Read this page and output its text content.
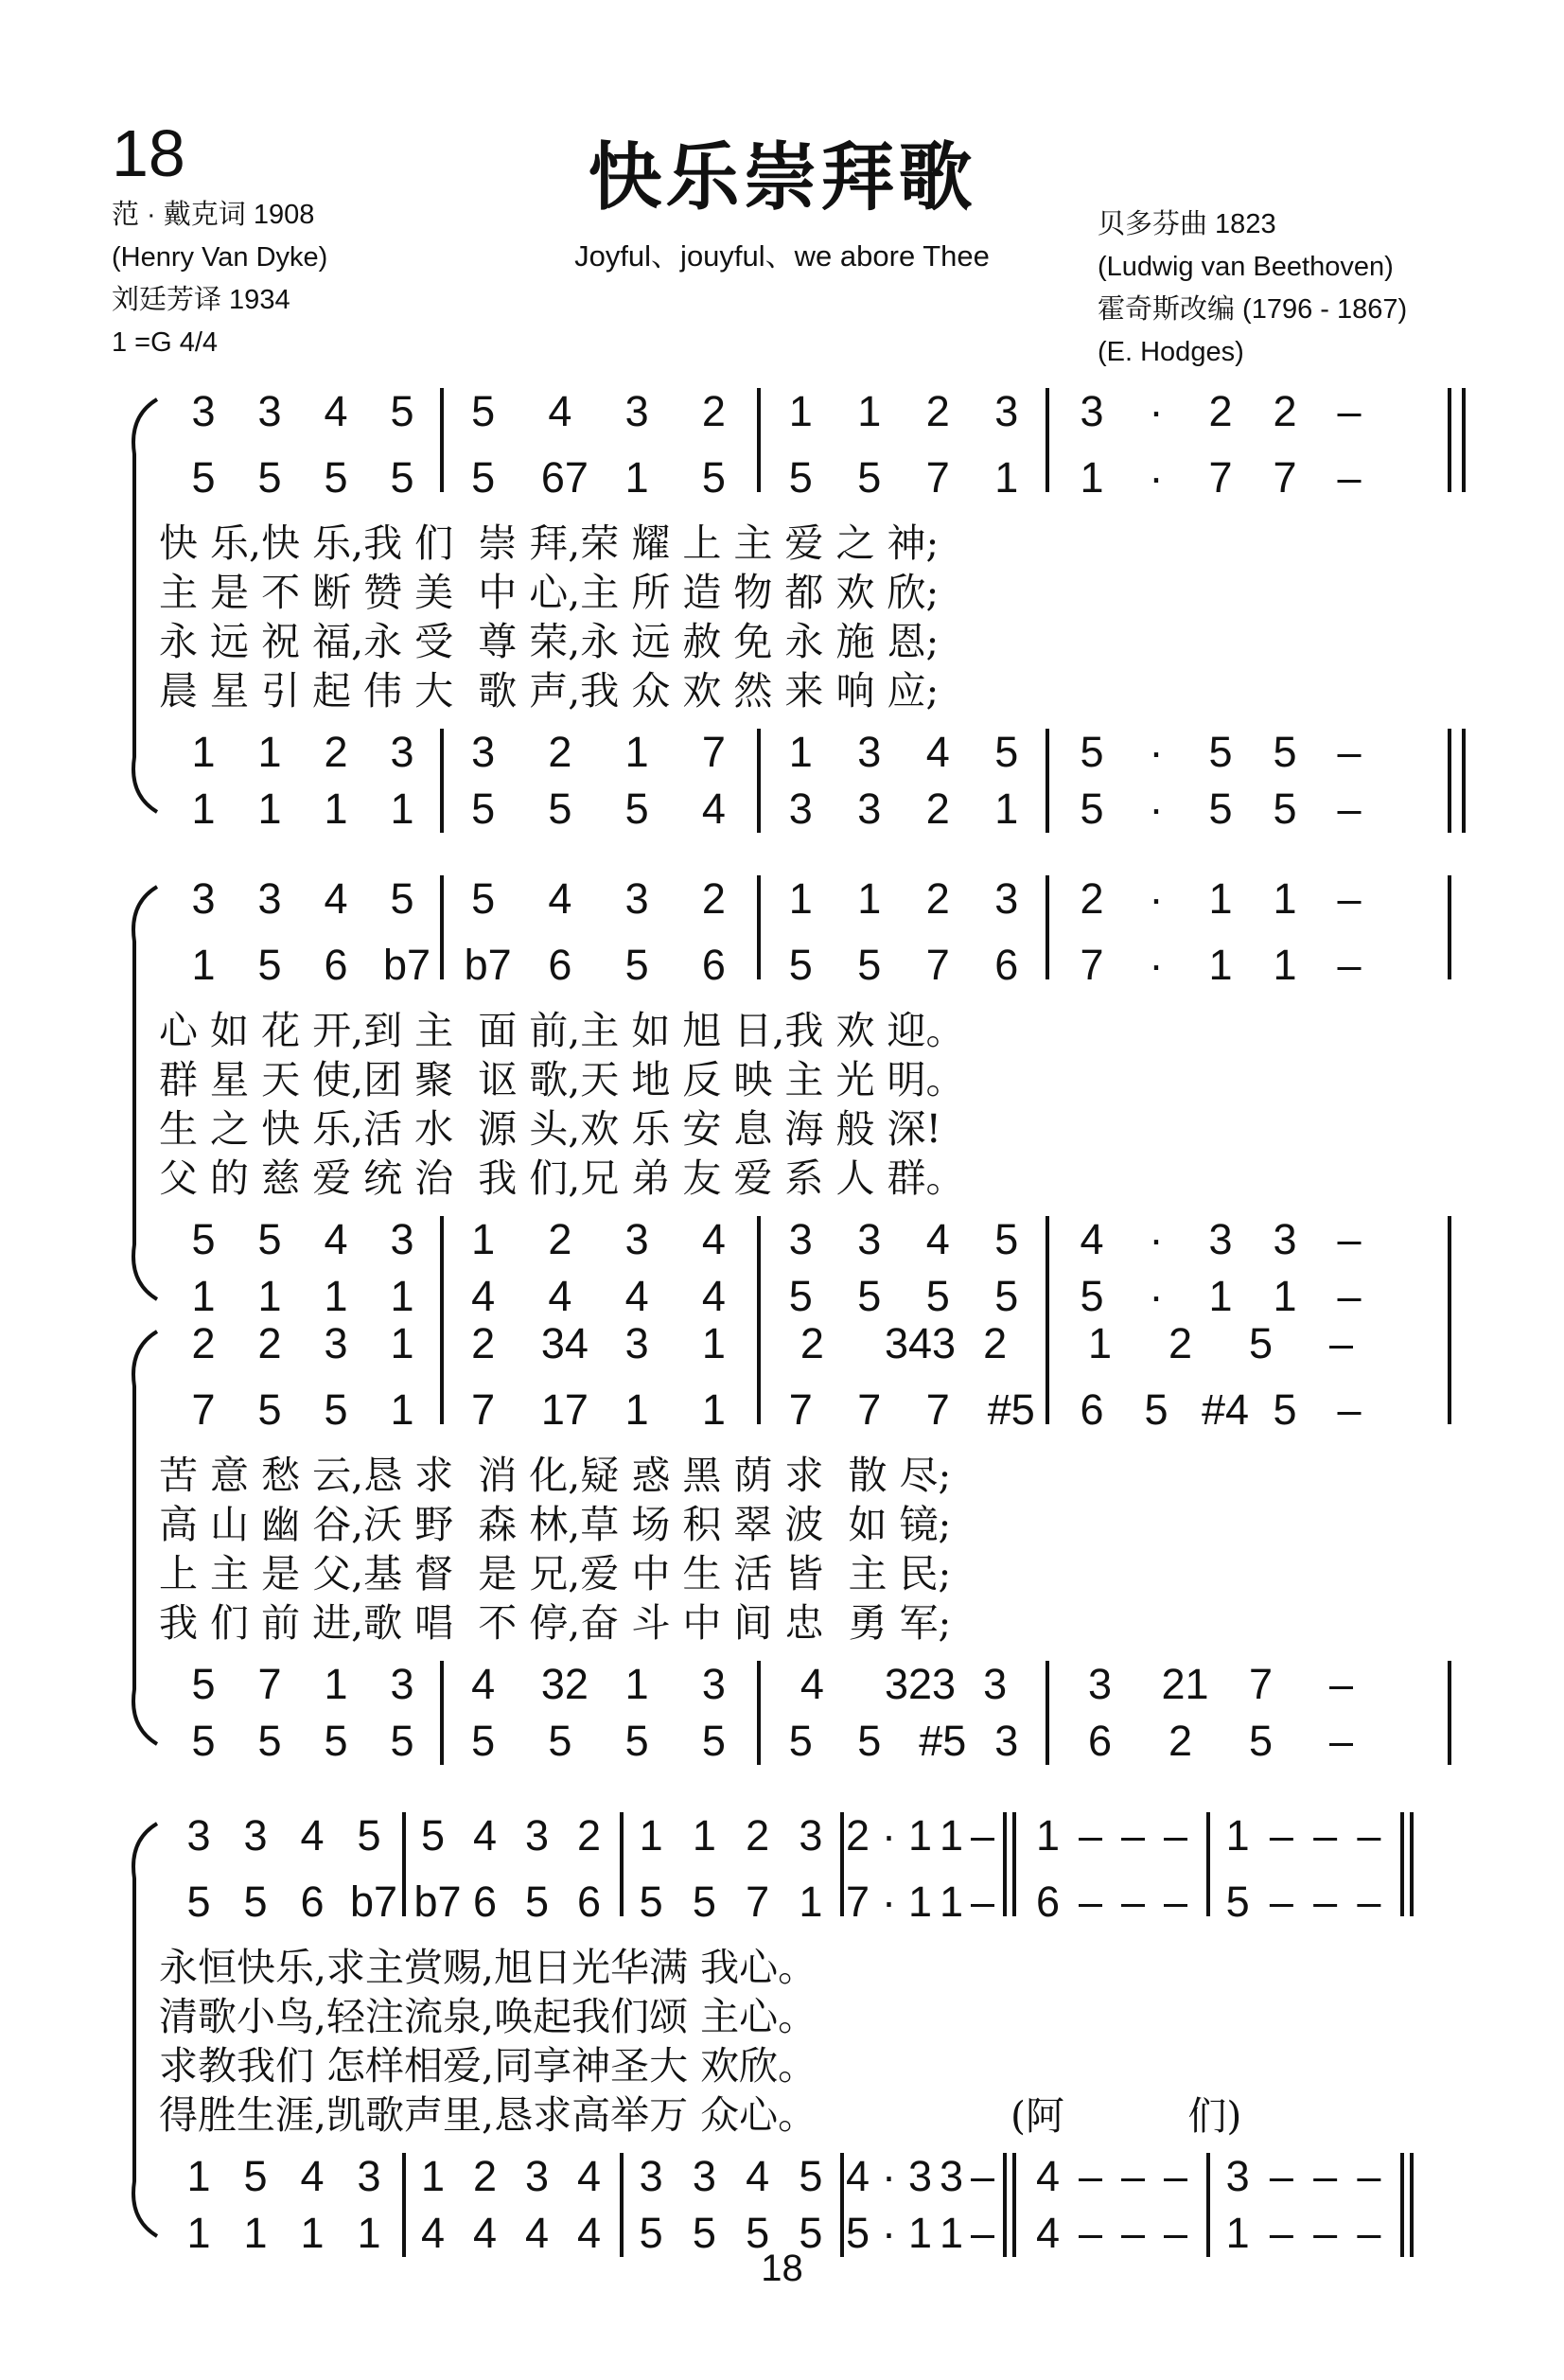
18	快乐崇拜歌
Joyful、jouyful、we abore Thee
范 · 戴克词 1908
(Henry Van Dyke)
刘廷芳译 1934
1 =G 4/4
贝多芬曲 1823
(Ludwig van Beethoven)
霍奇斯改编 (1796 - 1867)
(E. Hodges)
3 3 4 5 5 4 3 2 1 1 2 3 3 · 2 2 –
5 5 5 5 5 67 1 5 5 5 7 1 1 · 7 7 –
快 乐,快 乐,我 们  崇 拜,荣 耀 上 主 爱 之 神;
主 是 不 断 赞 美  中 心,主 所 造 物 都 欢 欣;
永 远 祝 福,永 受  尊 荣,永 远 赦 免 永 施 恩;
晨 星 引 起 伟 大  歌 声,我 众 欢 然 来 响 应;
1 1 2 3 3 2 1 7 1 3 4 5 5 · 5 5 –
1 1 1 1 5 5 5 4 3 3 2 1 5 · 5 5 –
3 3 4 5 5 4 3 2 1 1 2 3 2 · 1 1 –
1 5 6 b7 b7 6 5 6 5 5 7 6 7 · 1 1 –
心 如 花 开,到 主  面 前,主 如 旭 日,我 欢 迎。
群 星 天 使,团 聚  讴 歌,天 地 反 映 主 光 明。
生 之 快 乐,活 水  源 头,欢 乐 安 息 海 般 深!
父 的 慈 爱 统 治  我 们,兄 弟 友 爱 系 人 群。
5 5 4 3 1 2 3 4 3 3 4 5 4 · 3 3 –
1 1 1 1 4 4 4 4 5 5 5 5 5 · 1 1 –
2 2 3 1 2 34 3 1 2 343 2 1 2 5 –
7 5 5 1 7 17 1 1 7 7 7 #5 6 5 #4 5 –
苦 意 愁 云,恳 求  消 化,疑 惑 黑 荫 求  散 尽;
高 山 幽 谷,沃 野  森 林,草 场 积 翠 波  如 镜;
上 主 是 父,基 督  是 兄,爱 中 生 活 皆  主 民;
我 们 前 进,歌 唱  不 停,奋 斗 中 间 忠  勇 军;
5 7 1 3 4 32 1 3 4 323 3 3 21 7 –
5 5 5 5 5 5 5 5 5 5 #5 3 6 2 5 –
3 3 4 5 5 4 3 2 1 1 2 3 2 · 1 1 – 1 – – – 1 – – –
5 5 6 b7 b7 6 5 6 5 5 7 1 7 · 1 1 – 6 – – – 5 – – –
永恒快乐,求主赏赐,旭日光华满 我心。
清歌小鸟,轻注流泉,唤起我们颂 主心。
求教我们 怎样相爱,同享神圣大 欢欣。
得胜生涯,凯歌声里,恳求高举万 众心。
1 5 4 3 1 2 3 4 3 3 4 5 4 · 3 3 – 4 – – – 3 – – –
1 1 1 1 4 4 4 4 5 5 5 5 5 · 1 1 – 4 – – – 1 – – –
(阿          们)
18
